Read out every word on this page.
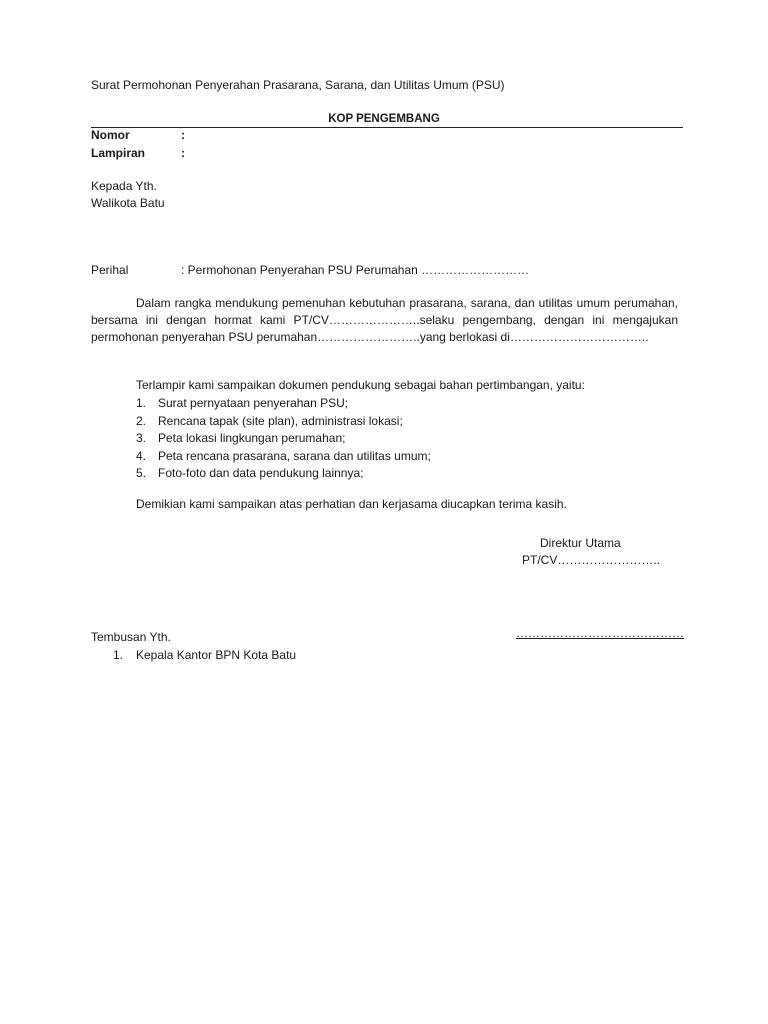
Surat Permohonan Penyerahan Prasarana, Sarana, dan Utilitas Umum (PSU)
KOP PENGEMBANG
Nomor	:
Lampiran	:
Kepada Yth.
Walikota Batu
Perihal	: Permohonan Penyerahan PSU Perumahan ………………………
Dalam rangka mendukung pemenuhan kebutuhan prasarana, sarana, dan utilitas umum perumahan, bersama ini dengan hormat kami PT/CV…………………..selaku pengembang, dengan ini mengajukan permohonan penyerahan PSU perumahan……………………..yang berlokasi di……………………………..
Terlampir kami sampaikan dokumen pendukung sebagai bahan pertimbangan, yaitu:
1. Surat pernyataan penyerahan PSU;
2. Rencana tapak (site plan), administrasi lokasi;
3. Peta lokasi lingkungan perumahan;
4. Peta rencana prasarana, sarana dan utilitas umum;
5. Foto-foto dan data pendukung lainnya;
Demikian kami sampaikan atas perhatian dan kerjasama diucapkan terima kasih.
Direktur Utama
PT/CV……………………..
……………………………………
Tembusan Yth.
1. Kepala Kantor BPN Kota Batu
